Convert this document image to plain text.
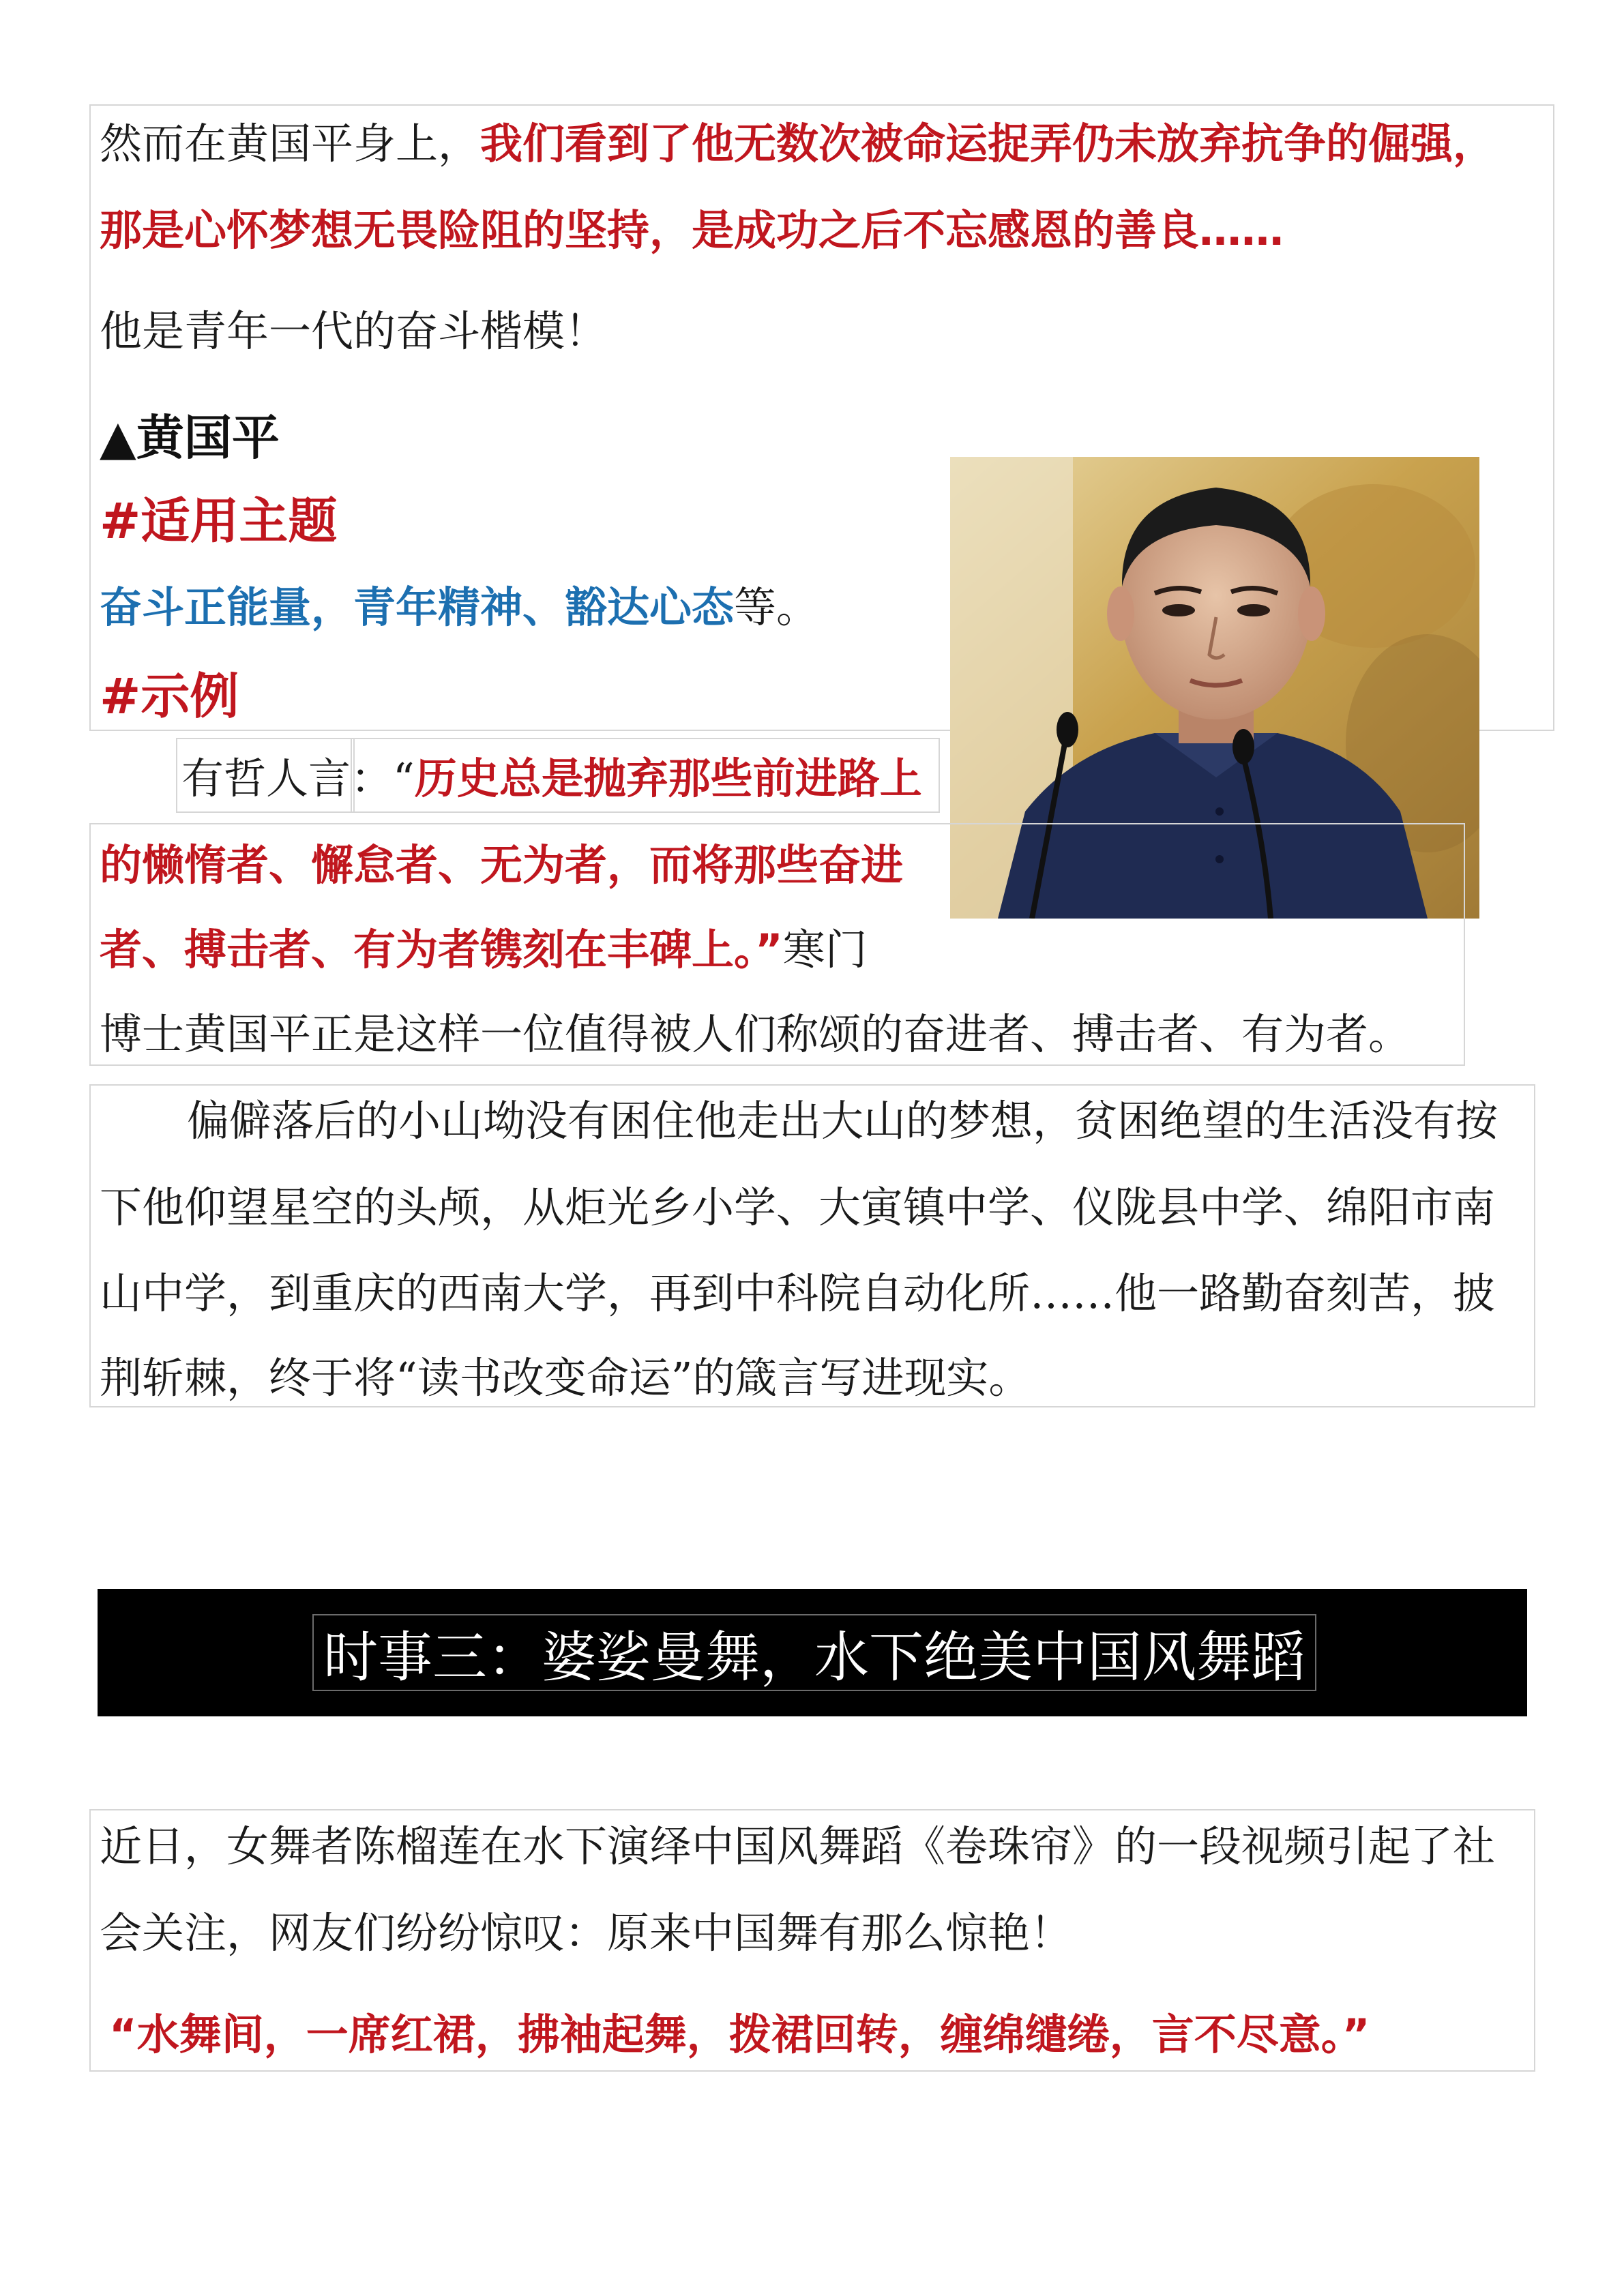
然而在黄国平身上，我们看到了他无数次被命运捉弄仍未放弃抗争的倔强，
那是心怀梦想无畏险阻的坚持，是成功之后不忘感恩的善良……
他是青年一代的奋斗楷模！
▲黄国平
#适用主题
奋斗正能量，青年精神、豁达心态等。
#示例
有哲人言：“历史总是抛弃那些前进路上
的懒惰者、懈怠者、无为者，而将那些奋进
者、搏击者、有为者镌刻在丰碑上。”寒门
博士黄国平正是这样一位值得被人们称颂的奋进者、搏击者、有为者。
偏僻落后的小山坳没有困住他走出大山的梦想，贫困绝望的生活没有按
下他仰望星空的头颅，从炬光乡小学、大寅镇中学、仪陇县中学、绵阳市南
山中学，到重庆的西南大学，再到中科院自动化所……他一路勤奋刻苦，披
荆斩棘，终于将“读书改变命运”的箴言写进现实。
时事三：婆娑曼舞，水下绝美中国风舞蹈
近日，女舞者陈榴莲在水下演绎中国风舞蹈《卷珠帘》的一段视频引起了社
会关注，网友们纷纷惊叹：原来中国舞有那么惊艳！
“水舞间，一席红裙，拂袖起舞，拨裙回转，缠绵缱绻，言不尽意。”
